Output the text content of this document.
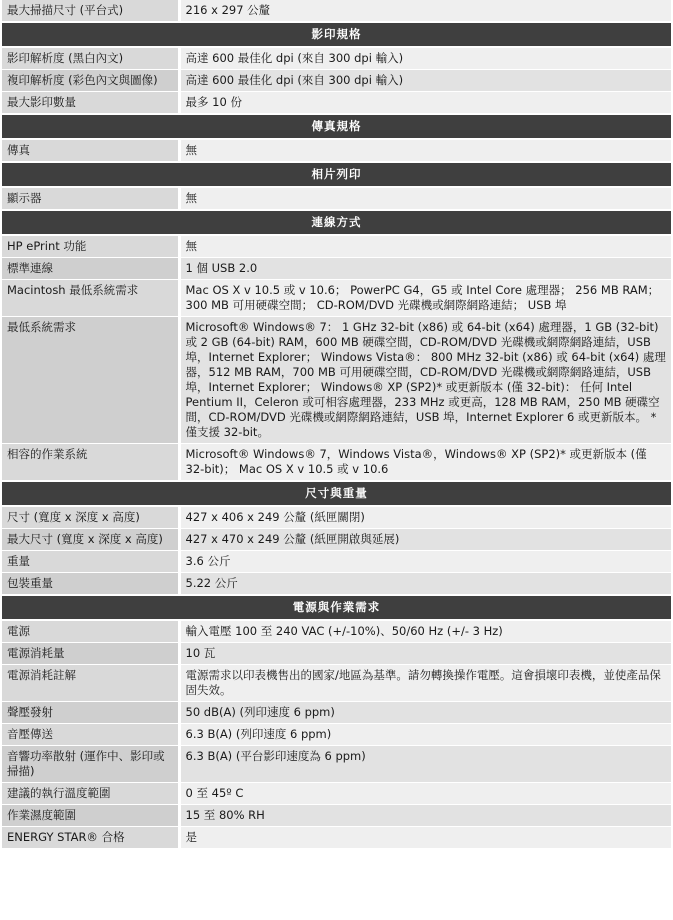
最大掃描尺寸 (平台式)	216 x 297 公釐
影印規格	
影印解析度 (黑白內文)	高達 600 最佳化 dpi (來自 300 dpi 輸入)
複印解析度 (彩色內文與圖像)	高達 600 最佳化 dpi (來自 300 dpi 輸入)
最大影印數量	最多 10 份
傳真規格	
傳真	無
相片列印	
顯示器	無
連線方式	
HP ePrint 功能	無
標準連線	1 個 USB 2.0
Macintosh 最低系統需求	Mac OS X v 10.5 或 v 10.6； PowerPC G4，G5 或 Intel Core 處理器； 256 MB RAM； 300 MB 可用硬碟空間； CD-ROM/DVD 光碟機或網際網路連結； USB 埠
最低系統需求	Microsoft® Windows® 7： 1 GHz 32-bit (x86) 或 64-bit (x64) 處理器，1 GB (32-bit) 或 2 GB (64-bit) RAM，600 MB 硬碟空間，CD-ROM/DVD 光碟機或網際網路連結，USB 埠，Internet Explorer； Windows Vista®： 800 MHz 32-bit (x86) 或 64-bit (x64) 處理器，512 MB RAM，700 MB 可用硬碟空間，CD-ROM/DVD 光碟機或網際網路連結，USB 埠，Internet Explorer； Windows® XP (SP2)* 或更新版本 (僅 32-bit)： 任何 Intel Pentium II，Celeron 或可相容處理器，233 MHz 或更高，128 MB RAM，250 MB 硬碟空間，CD-ROM/DVD 光碟機或網際網路連結，USB 埠，Internet Explorer 6 或更新版本。 *僅支援 32-bit。
相容的作業系統	Microsoft® Windows® 7，Windows Vista®，Windows® XP (SP2)* 或更新版本 (僅 32-bit)； Mac OS X v 10.5 或 v 10.6
尺寸與重量	
尺寸 (寬度 x 深度 x 高度)	427 x 406 x 249 公釐 (紙匣關閉)
最大尺寸 (寬度 x 深度 x 高度)	427 x 470 x 249 公釐 (紙匣開啟與延展)
重量	3.6 公斤
包裝重量	5.22 公斤
電源與作業需求	
電源	輸入電壓 100 至 240 VAC (+/-10%)、50/60 Hz (+/- 3 Hz)
電源消耗量	10 瓦
電源消耗註解	電源需求以印表機售出的國家/地區為基準。請勿轉換操作電壓。這會損壞印表機，並使產品保固失效。
聲壓發射	50 dB(A) (列印速度 6 ppm)
音壓傳送	6.3 B(A) (列印速度 6 ppm)
音響功率散射 (運作中、影印或掃描)	6.3 B(A) (平台影印速度為 6 ppm)
建議的執行溫度範圍	0 至 45º C
作業濕度範圍	15 至 80% RH
ENERGY STAR® 合格	是
